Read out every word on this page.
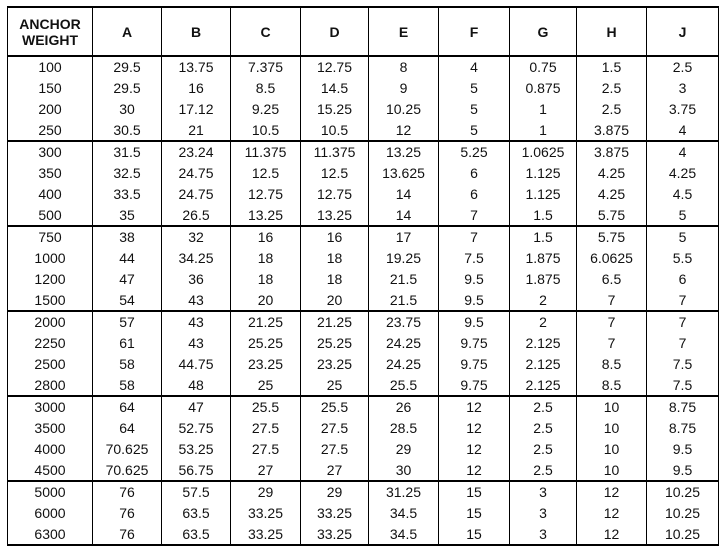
ANCHOR
WEIGHT	A	B	C	D	E	F	G	H	J
100	29.5	13.75	7.375	12.75	8	4	0.75	1.5	2.5
150	29.5	16	8.5	14.5	9	5	0.875	2.5	3
200	30	17.12	9.25	15.25	10.25	5	1	2.5	3.75
250	30.5	21	10.5	10.5	12	5	1	3.875	4
300	31.5	23.24	11.375	11.375	13.25	5.25	1.0625	3.875	4
350	32.5	24.75	12.5	12.5	13.625	6	1.125	4.25	4.25
400	33.5	24.75	12.75	12.75	14	6	1.125	4.25	4.5
500	35	26.5	13.25	13.25	14	7	1.5	5.75	5
750	38	32	16	16	17	7	1.5	5.75	5
1000	44	34.25	18	18	19.25	7.5	1.875	6.0625	5.5
1200	47	36	18	18	21.5	9.5	1.875	6.5	6
1500	54	43	20	20	21.5	9.5	2	7	7
2000	57	43	21.25	21.25	23.75	9.5	2	7	7
2250	61	43	25.25	25.25	24.25	9.75	2.125	7	7
2500	58	44.75	23.25	23.25	24.25	9.75	2.125	8.5	7.5
2800	58	48	25	25	25.5	9.75	2.125	8.5	7.5
3000	64	47	25.5	25.5	26	12	2.5	10	8.75
3500	64	52.75	27.5	27.5	28.5	12	2.5	10	8.75
4000	70.625	53.25	27.5	27.5	29	12	2.5	10	9.5
4500	70.625	56.75	27	27	30	12	2.5	10	9.5
5000	76	57.5	29	29	31.25	15	3	12	10.25
6000	76	63.5	33.25	33.25	34.5	15	3	12	10.25
6300	76	63.5	33.25	33.25	34.5	15	3	12	10.25
